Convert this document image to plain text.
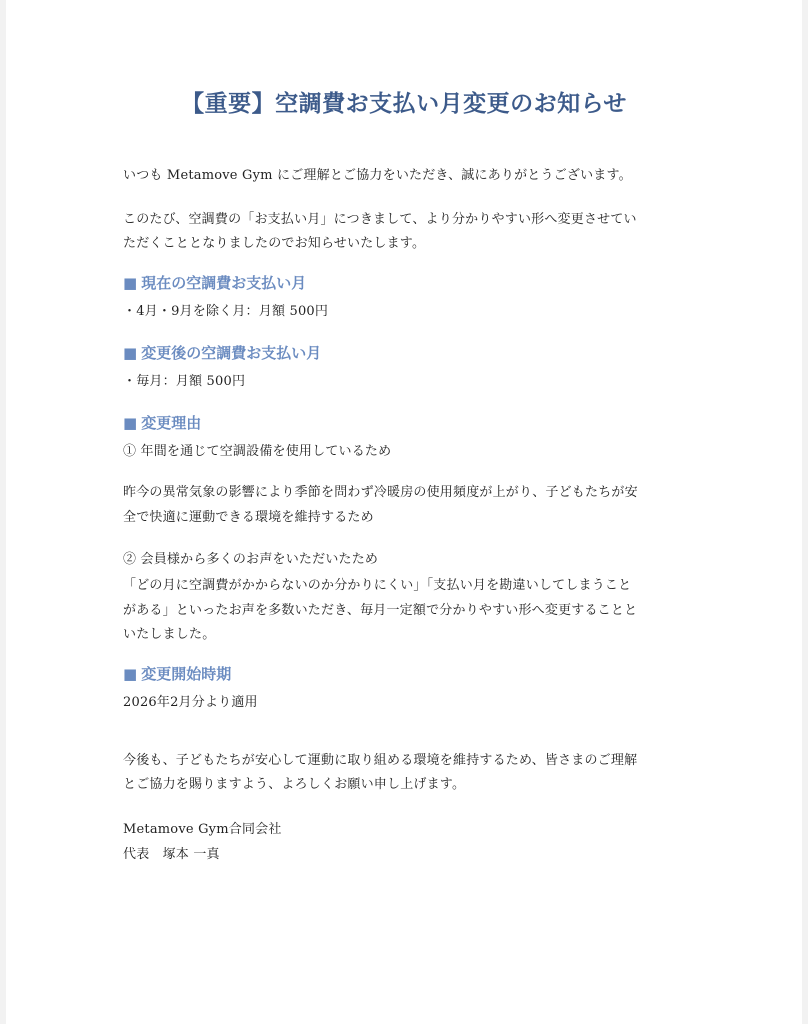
【重要】空調費お支払い月変更のお知らせ

いつも Metamove Gym にご理解とご協力をいただき、誠にありがとうございます。

このたび、空調費の「お支払い月」につきまして、より分かりやすい形へ変更させてい

ただくこととなりましたのでお知らせいたします。

■ 現在の空調費お支払い月

・4月・9月を除く月：月額 500円

■ 変更後の空調費お支払い月

・毎月：月額 500円

■ 変更理由

① 年間を通じて空調設備を使用しているため

昨今の異常気象の影響により季節を問わず冷暖房の使用頻度が上がり、子どもたちが安

全で快適に運動できる環境を維持するため

② 会員様から多くのお声をいただいたため

「どの月に空調費がかからないのか分かりにくい」「支払い月を勘違いしてしまうこと

がある」といったお声を多数いただき、毎月一定額で分かりやすい形へ変更することと

いたしました。

■ 変更開始時期

2026年2月分より適用

今後も、子どもたちが安心して運動に取り組める環境を維持するため、皆さまのご理解

とご協力を賜りますよう、よろしくお願い申し上げます。

Metamove Gym合同会社

代表　塚本 一真
